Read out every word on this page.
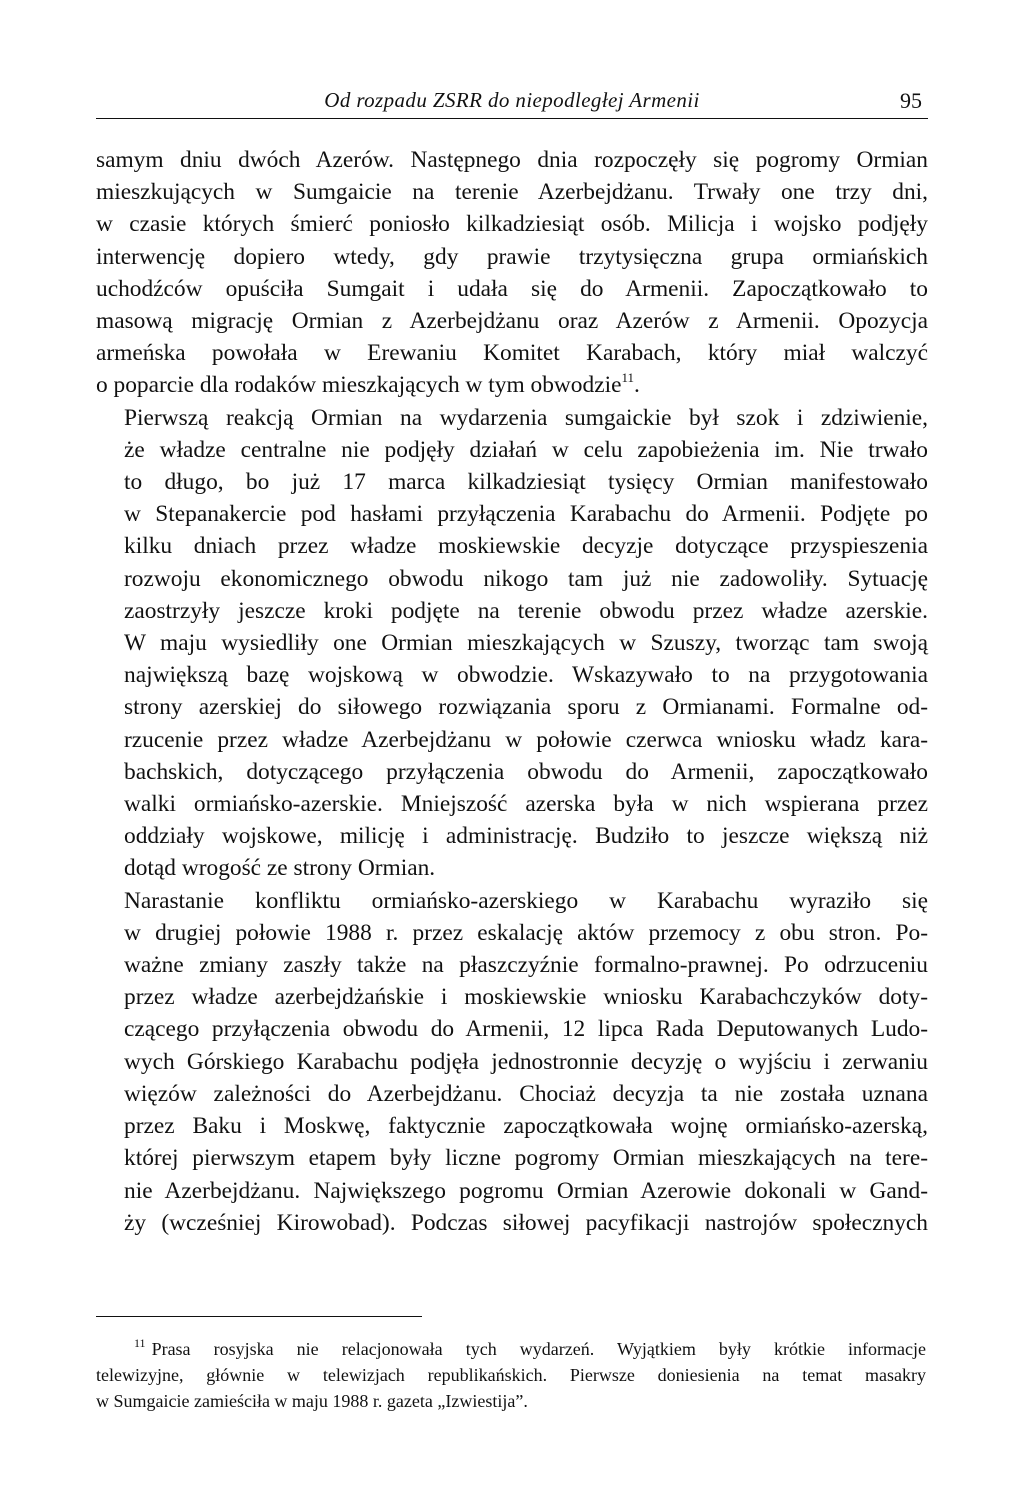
Od rozpadu ZSRR do niepodległej Armenii	95

samym dniu dwóch Azerów. Następnego dnia rozpoczęły się pogromy Ormian
mieszkujących w Sumgaicie na terenie Azerbejdżanu. Trwały one trzy dni,
w czasie których śmierć poniosło kilkadziesiąt osób. Milicja i wojsko podjęły
interwencję dopiero wtedy, gdy prawie trzytysięczna grupa ormiańskich
uchodźców opuściła Sumgait i udała się do Armenii. Zapoczątkowało to
masową migrację Ormian z Azerbejdżanu oraz Azerów z Armenii. Opozycja
armeńska powołała w Erewaniu Komitet Karabach, który miał walczyć
o poparcie dla rodaków mieszkających w tym obwodzie$^{11}$.

Pierwszą reakcją Ormian na wydarzenia sumgaickie był szok i zdziwienie,
że władze centralne nie podjęły działań w celu zapobieżenia im. Nie trwało
to długo, bo już 17 marca kilkadziesiąt tysięcy Ormian manifestowało
w Stepanakercie pod hasłami przyłączenia Karabachu do Armenii. Podjęte po
kilku dniach przez władze moskiewskie decyzje dotyczące przyspieszenia
rozwoju ekonomicznego obwodu nikogo tam już nie zadowoliły. Sytuację
zaostrzyły jeszcze kroki podjęte na terenie obwodu przez władze azerskie.
W maju wysiedliły one Ormian mieszkających w Szuszy, tworząc tam swoją
największą bazę wojskową w obwodzie. Wskazywało to na przygotowania
strony azerskiej do siłowego rozwiązania sporu z Ormianami. Formalne od-
rzucenie przez władze Azerbejdżanu w połowie czerwca wniosku władz kara-
bachskich, dotyczącego przyłączenia obwodu do Armenii, zapoczątkowało
walki ormiańsko-azerskie. Mniejszość azerska była w nich wspierana przez
oddziały wojskowe, milicję i administrację. Budziło to jeszcze większą niż
dotąd wrogość ze strony Ormian.

Narastanie konfliktu ormiańsko-azerskiego w Karabachu wyraziło się
w drugiej połowie 1988 r. przez eskalację aktów przemocy z obu stron. Po-
ważne zmiany zaszły także na płaszczyźnie formalno-prawnej. Po odrzuceniu
przez władze azerbejdżańskie i moskiewskie wniosku Karabachczyków doty-
czącego przyłączenia obwodu do Armenii, 12 lipca Rada Deputowanych Ludo-
wych Górskiego Karabachu podjęła jednostronnie decyzję o wyjściu i zerwaniu
więzów zależności do Azerbejdżanu. Chociaż decyzja ta nie została uznana
przez Baku i Moskwę, faktycznie zapoczątkowała wojnę ormiańsko-azerską,
której pierwszym etapem były liczne pogromy Ormian mieszkających na tere-
nie Azerbejdżanu. Największego pogromu Ormian Azerowie dokonali w Gand-
ży (wcześniej Kirowobad). Podczas siłowej pacyfikacji nastrojów społecznych

$^{11}$ Prasa rosyjska nie relacjonowała tych wydarzeń. Wyjątkiem były krótkie informacje
telewizyjne, głównie w telewizjach republikańskich. Pierwsze doniesienia na temat masakry
w Sumgaicie zamieściła w maju 1988 r. gazeta „Izwiestija”.
